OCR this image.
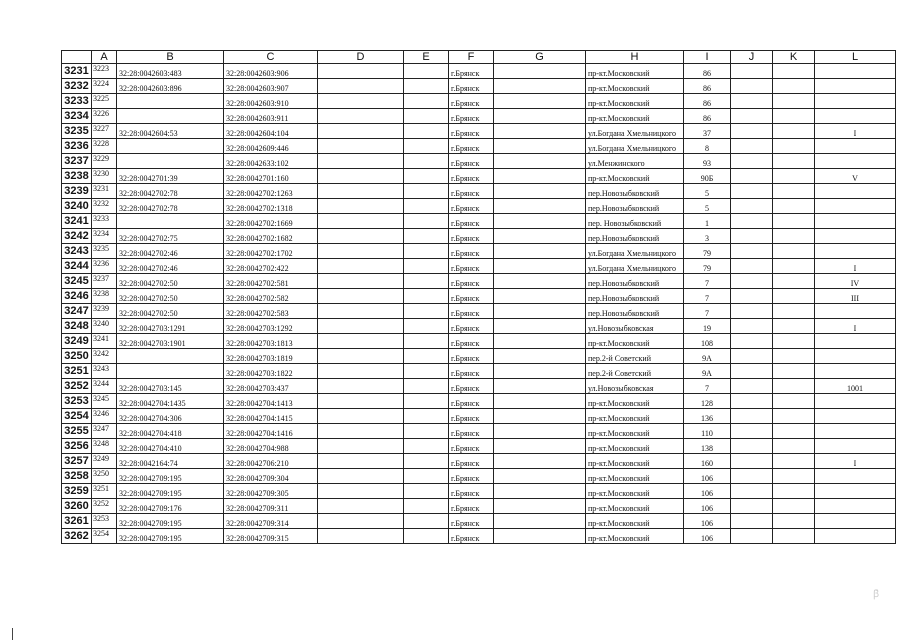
	A	B	C	D	E	F	G	H	I	J	K	L
3231	3223	32:28:0042603:483	32:28:0042603:906			г.Брянск		пр-кт.Московский	86			
3232	3224	32:28:0042603:896	32:28:0042603:907			г.Брянск		пр-кт.Московский	86			
3233	3225		32:28:0042603:910			г.Брянск		пр-кт.Московский	86			
3234	3226		32:28:0042603:911			г.Брянск		пр-кт.Московский	86			
3235	3227	32:28:0042604:53	32:28:0042604:104			г.Брянск		ул.Богдана Хмельницкого	37			I
3236	3228		32:28:0042609:446			г.Брянск		ул.Богдана Хмельницкого	8			
3237	3229		32:28:0042633:102			г.Брянск		ул.Менжинского	93			
3238	3230	32:28:0042701:39	32:28:0042701:160			г.Брянск		пр-кт.Московский	90Б			V
3239	3231	32:28:0042702:78	32:28:0042702:1263			г.Брянск		пер.Новозыбковский	5			
3240	3232	32:28:0042702:78	32:28:0042702:1318			г.Брянск		пер.Новозыбковский	5			
3241	3233		32:28:0042702:1669			г.Брянск		пер. Новозыбковский	1			
3242	3234	32:28:0042702:75	32:28:0042702:1682			г.Брянск		пер.Новозыбковский	3			
3243	3235	32:28:0042702:46	32:28:0042702:1702			г.Брянск		ул.Богдана Хмельницкого	79			
3244	3236	32:28:0042702:46	32:28:0042702:422			г.Брянск		ул.Богдана Хмельницкого	79			I
3245	3237	32:28:0042702:50	32:28:0042702:581			г.Брянск		пер.Новозыбковский	7			IV
3246	3238	32:28:0042702:50	32:28:0042702:582			г.Брянск		пер.Новозыбковский	7			III
3247	3239	32:28:0042702:50	32:28:0042702:583			г.Брянск		пер.Новозыбковский	7			
3248	3240	32:28:0042703:1291	32:28:0042703:1292			г.Брянск		ул.Новозыбковская	19			I
3249	3241	32:28:0042703:1901	32:28:0042703:1813			г.Брянск		пр-кт.Московский	108			
3250	3242		32:28:0042703:1819			г.Брянск		пер.2-й Советский	9А			
3251	3243		32:28:0042703:1822			г.Брянск		пер.2-й Советский	9А			
3252	3244	32:28:0042703:145	32:28:0042703:437			г.Брянск		ул.Новозыбковская	7			1001
3253	3245	32:28:0042704:1435	32:28:0042704:1413			г.Брянск		пр-кт.Московский	128			
3254	3246	32:28:0042704:306	32:28:0042704:1415			г.Брянск		пр-кт.Московский	136			
3255	3247	32:28:0042704:418	32:28:0042704:1416			г.Брянск		пр-кт.Московский	110			
3256	3248	32:28:0042704:410	32:28:0042704:988			г.Брянск		пр-кт.Московский	138			
3257	3249	32:28:0042164:74	32:28:0042706:210			г.Брянск		пр-кт.Московский	160			I
3258	3250	32:28:0042709:195	32:28:0042709:304			г.Брянск		пр-кт.Московский	106			
3259	3251	32:28:0042709:195	32:28:0042709:305			г.Брянск		пр-кт.Московский	106			
3260	3252	32:28:0042709:176	32:28:0042709:311			г.Брянск		пр-кт.Московский	106			
3261	3253	32:28:0042709:195	32:28:0042709:314			г.Брянск		пр-кт.Московский	106			
3262	3254	32:28:0042709:195	32:28:0042709:315			г.Брянск		пр-кт.Московский	106			
ꞵ̃
